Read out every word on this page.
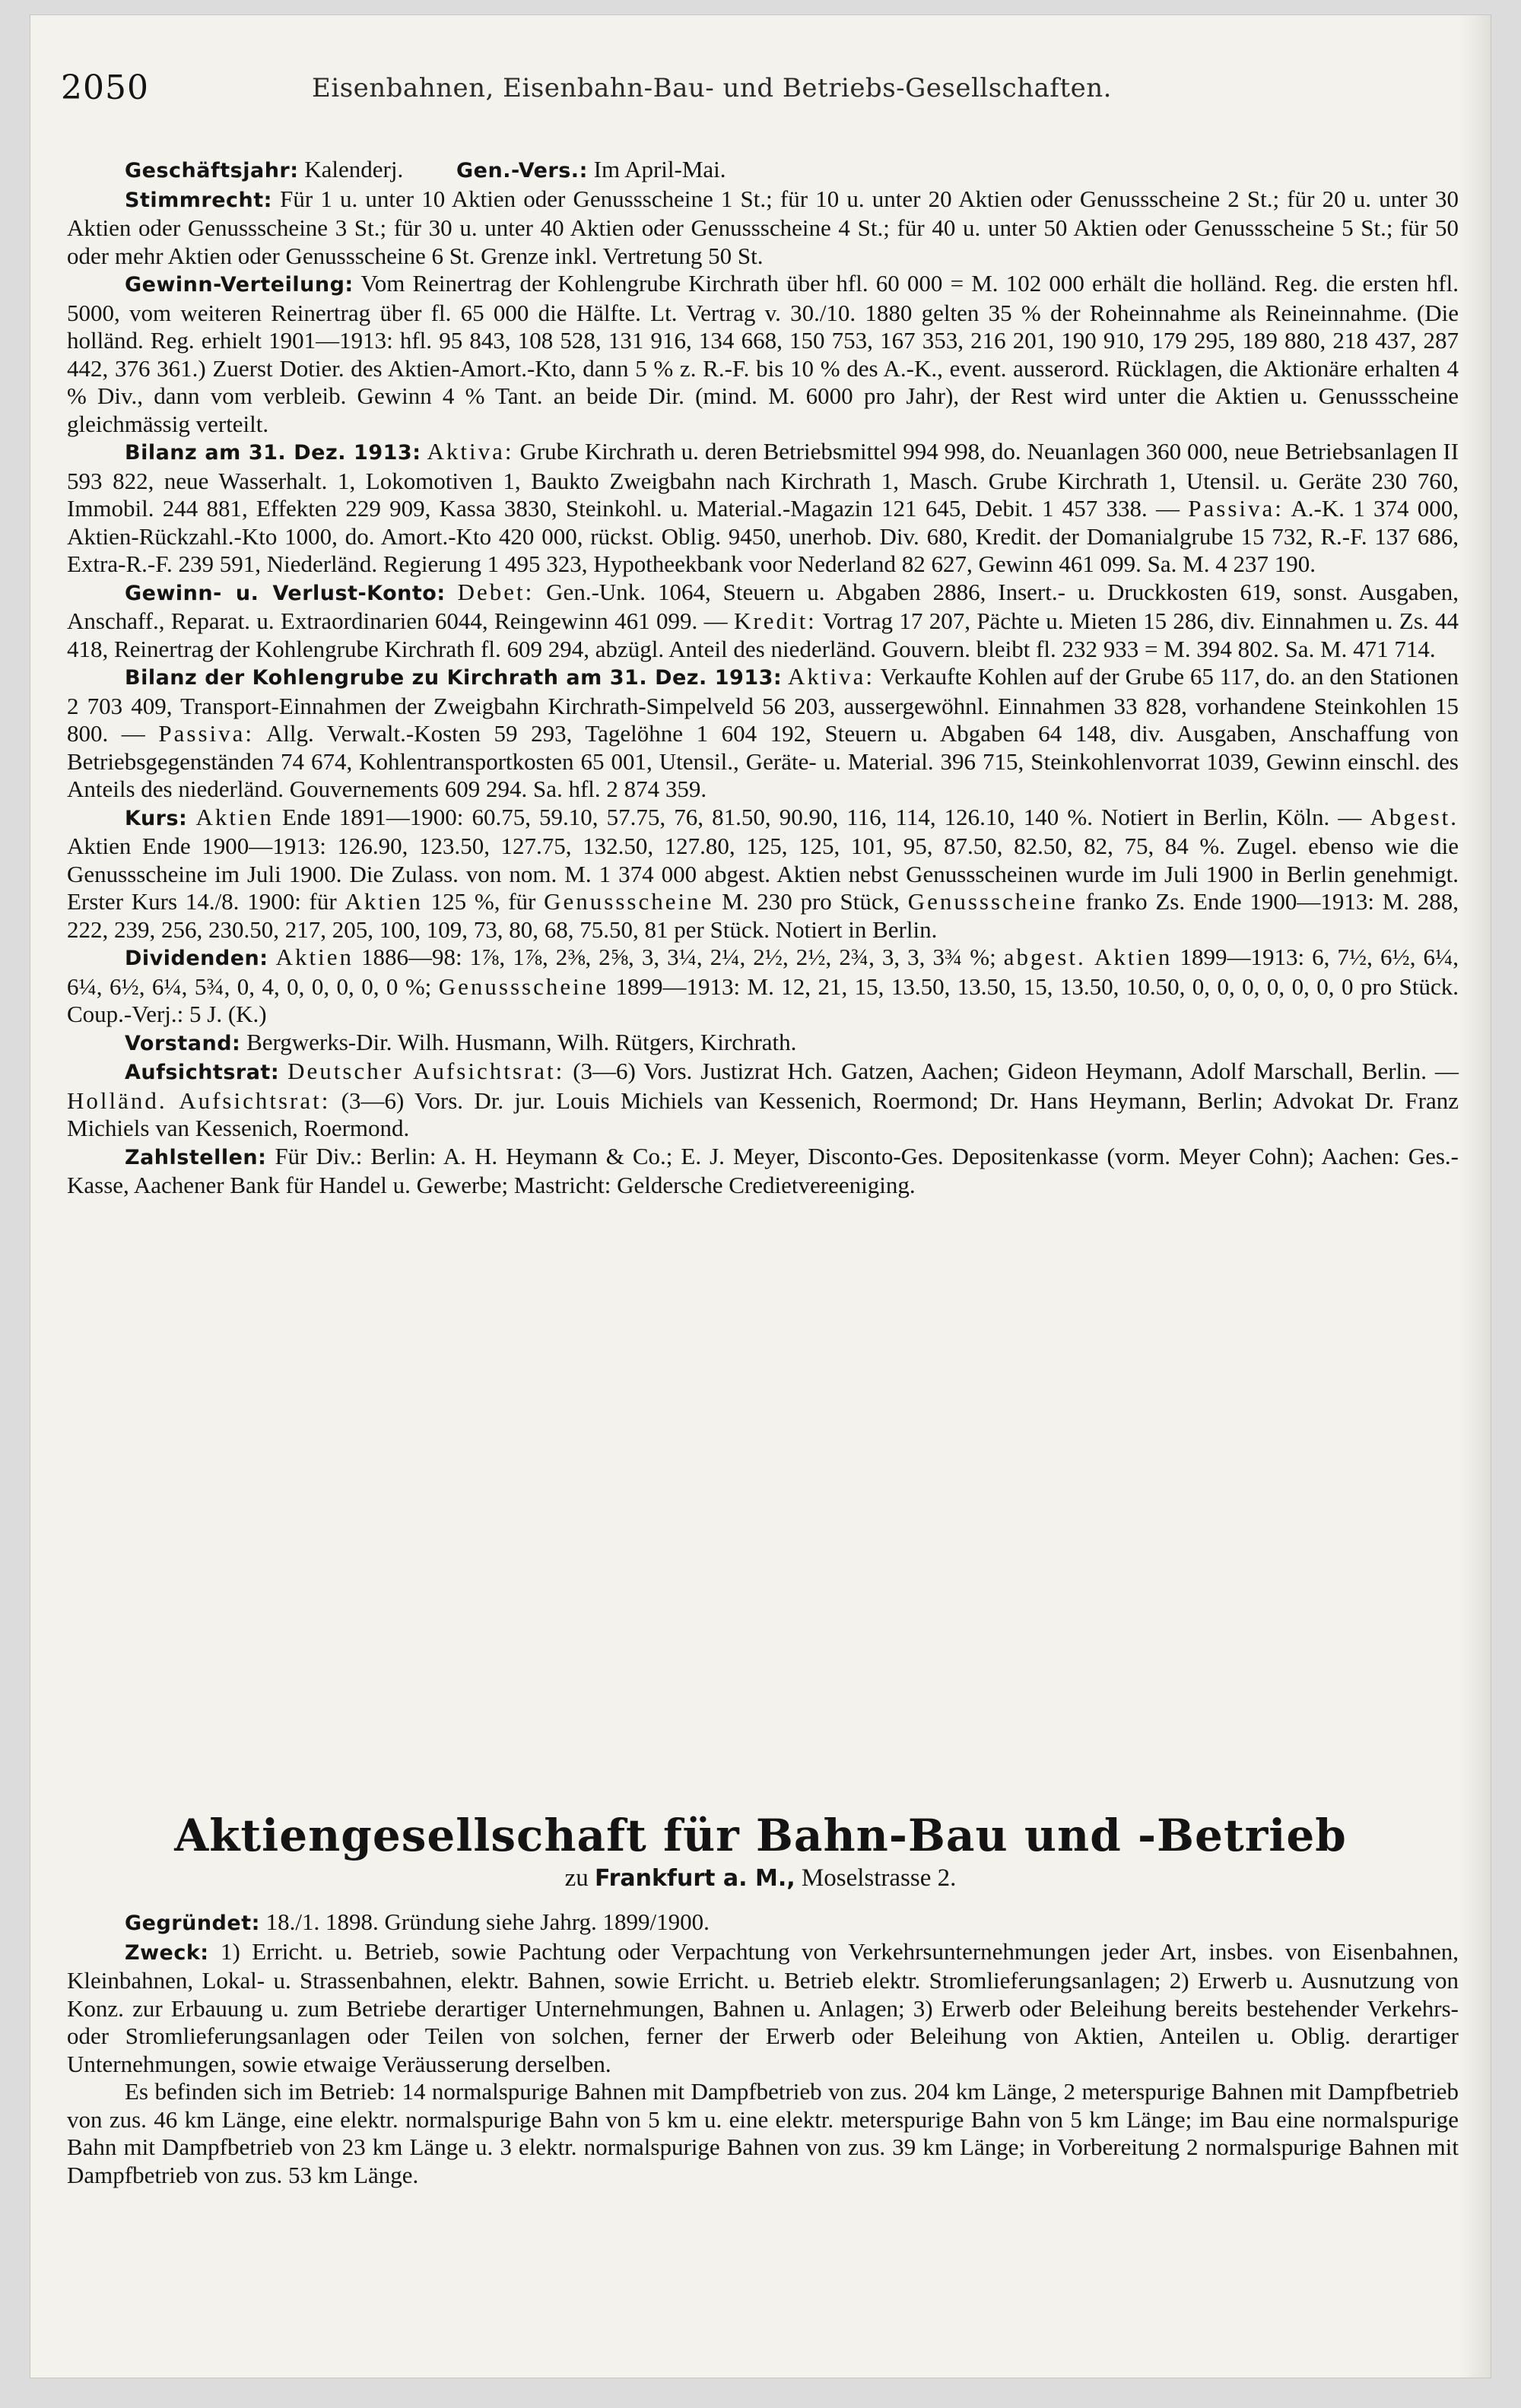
2050	Eisenbahnen, Eisenbahn-Bau- und Betriebs-Gesellschaften.

Geschäftsjahr: Kalenderj.	Gen.-Vers.: Im April-Mai.

Stimmrecht: Für 1 u. unter 10 Aktien oder Genussscheine 1 St.; für 10 u. unter 20 Aktien oder Genussscheine 2 St.; für 20 u. unter 30 Aktien oder Genussscheine 3 St.; für 30 u. unter 40 Aktien oder Genussscheine 4 St.; für 40 u. unter 50 Aktien oder Genussscheine 5 St.; für 50 oder mehr Aktien oder Genussscheine 6 St. Grenze inkl. Vertretung 50 St.

Gewinn-Verteilung: Vom Reinertrag der Kohlengrube Kirchrath über hfl. 60 000 = M. 102 000 erhält die holländ. Reg. die ersten hfl. 5000, vom weiteren Reinertrag über fl. 65 000 die Hälfte. Lt. Vertrag v. 30./10. 1880 gelten 35 % der Roheinnahme als Reineinnahme. (Die holländ. Reg. erhielt 1901—1913: hfl. 95 843, 108 528, 131 916, 134 668, 150 753, 167 353, 216 201, 190 910, 179 295, 189 880, 218 437, 287 442, 376 361.) Zuerst Dotier. des Aktien-Amort.-Kto, dann 5 % z. R.-F. bis 10 % des A.-K., event. ausserord. Rücklagen, die Aktionäre erhalten 4 % Div., dann vom verbleib. Gewinn 4 % Tant. an beide Dir. (mind. M. 6000 pro Jahr), der Rest wird unter die Aktien u. Genussscheine gleichmässig verteilt.

Bilanz am 31. Dez. 1913: Aktiva: Grube Kirchrath u. deren Betriebsmittel 994 998, do. Neuanlagen 360 000, neue Betriebsanlagen II 593 822, neue Wasserhalt. 1, Lokomotiven 1, Baukto Zweigbahn nach Kirchrath 1, Masch. Grube Kirchrath 1, Utensil. u. Geräte 230 760, Immobil. 244 881, Effekten 229 909, Kassa 3830, Steinkohl. u. Material.-Magazin 121 645, Debit. 1 457 338. — Passiva: A.-K. 1 374 000, Aktien-Rückzahl.-Kto 1000, do. Amort.-Kto 420 000, rückst. Oblig. 9450, unerhob. Div. 680, Kredit. der Domanialgrube 15 732, R.-F. 137 686, Extra-R.-F. 239 591, Niederländ. Regierung 1 495 323, Hypotheekbank voor Nederland 82 627, Gewinn 461 099. Sa. M. 4 237 190.

Gewinn- u. Verlust-Konto: Debet: Gen.-Unk. 1064, Steuern u. Abgaben 2886, Insert.- u. Druckkosten 619, sonst. Ausgaben, Anschaff., Reparat. u. Extraordinarien 6044, Reingewinn 461 099. — Kredit: Vortrag 17 207, Pächte u. Mieten 15 286, div. Einnahmen u. Zs. 44 418, Reinertrag der Kohlengrube Kirchrath fl. 609 294, abzügl. Anteil des niederländ. Gouvern. bleibt fl. 232 933 = M. 394 802. Sa. M. 471 714.

Bilanz der Kohlengrube zu Kirchrath am 31. Dez. 1913: Aktiva: Verkaufte Kohlen auf der Grube 65 117, do. an den Stationen 2 703 409, Transport-Einnahmen der Zweigbahn Kirchrath-Simpelveld 56 203, aussergewöhnl. Einnahmen 33 828, vorhandene Steinkohlen 15 800. — Passiva: Allg. Verwalt.-Kosten 59 293, Tagelöhne 1 604 192, Steuern u. Abgaben 64 148, div. Ausgaben, Anschaffung von Betriebsgegenständen 74 674, Kohlentransportkosten 65 001, Utensil., Geräte- u. Material. 396 715, Steinkohlenvorrat 1039, Gewinn einschl. des Anteils des niederländ. Gouvernements 609 294. Sa. hfl. 2 874 359.

Kurs: Aktien Ende 1891—1900: 60.75, 59.10, 57.75, 76, 81.50, 90.90, 116, 114, 126.10, 140 %. Notiert in Berlin, Köln. — Abgest. Aktien Ende 1900—1913: 126.90, 123.50, 127.75, 132.50, 127.80, 125, 125, 101, 95, 87.50, 82.50, 82, 75, 84 %. Zugel. ebenso wie die Genussscheine im Juli 1900. Die Zulass. von nom. M. 1 374 000 abgest. Aktien nebst Genussscheinen wurde im Juli 1900 in Berlin genehmigt. Erster Kurs 14./8. 1900: für Aktien 125 %, für Genussscheine M. 230 pro Stück, Genussscheine franko Zs. Ende 1900—1913: M. 288, 222, 239, 256, 230.50, 217, 205, 100, 109, 73, 80, 68, 75.50, 81 per Stück. Notiert in Berlin.

Dividenden: Aktien 1886—98: 1⅞, 1⅞, 2⅜, 2⅝, 3, 3¼, 2¼, 2½, 2½, 2¾, 3, 3, 3¾ %; abgest. Aktien 1899—1913: 6, 7½, 6½, 6¼, 6¼, 6½, 6¼, 5¾, 0, 4, 0, 0, 0, 0, 0 %; Genussscheine 1899—1913: M. 12, 21, 15, 13.50, 13.50, 15, 13.50, 10.50, 0, 0, 0, 0, 0, 0, 0 pro Stück. Coup.-Verj.: 5 J. (K.)

Vorstand: Bergwerks-Dir. Wilh. Husmann, Wilh. Rütgers, Kirchrath.

Aufsichtsrat: Deutscher Aufsichtsrat: (3—6) Vors. Justizrat Hch. Gatzen, Aachen; Gideon Heymann, Adolf Marschall, Berlin. — Holländ. Aufsichtsrat: (3—6) Vors. Dr. jur. Louis Michiels van Kessenich, Roermond; Dr. Hans Heymann, Berlin; Advokat Dr. Franz Michiels van Kessenich, Roermond.

Zahlstellen: Für Div.: Berlin: A. H. Heymann & Co.; E. J. Meyer, Disconto-Ges. Depositenkasse (vorm. Meyer Cohn); Aachen: Ges.-Kasse, Aachener Bank für Handel u. Gewerbe; Mastricht: Geldersche Credietvereeniging.

Aktiengesellschaft für Bahn-Bau und -Betrieb
zu Frankfurt a. M., Moselstrasse 2.

Gegründet: 18./1. 1898. Gründung siehe Jahrg. 1899/1900.

Zweck: 1) Erricht. u. Betrieb, sowie Pachtung oder Verpachtung von Verkehrsunternehmungen jeder Art, insbes. von Eisenbahnen, Kleinbahnen, Lokal- u. Strassenbahnen, elektr. Bahnen, sowie Erricht. u. Betrieb elektr. Stromlieferungsanlagen; 2) Erwerb u. Ausnutzung von Konz. zur Erbauung u. zum Betriebe derartiger Unternehmungen, Bahnen u. Anlagen; 3) Erwerb oder Beleihung bereits bestehender Verkehrs- oder Stromlieferungsanlagen oder Teilen von solchen, ferner der Erwerb oder Beleihung von Aktien, Anteilen u. Oblig. derartiger Unternehmungen, sowie etwaige Veräusserung derselben.

Es befinden sich im Betrieb: 14 normalspurige Bahnen mit Dampfbetrieb von zus. 204 km Länge, 2 meterspurige Bahnen mit Dampfbetrieb von zus. 46 km Länge, eine elektr. normalspurige Bahn von 5 km u. eine elektr. meterspurige Bahn von 5 km Länge; im Bau eine normalspurige Bahn mit Dampfbetrieb von 23 km Länge u. 3 elektr. normalspurige Bahnen von zus. 39 km Länge; in Vorbereitung 2 normalspurige Bahnen mit Dampfbetrieb von zus. 53 km Länge.
